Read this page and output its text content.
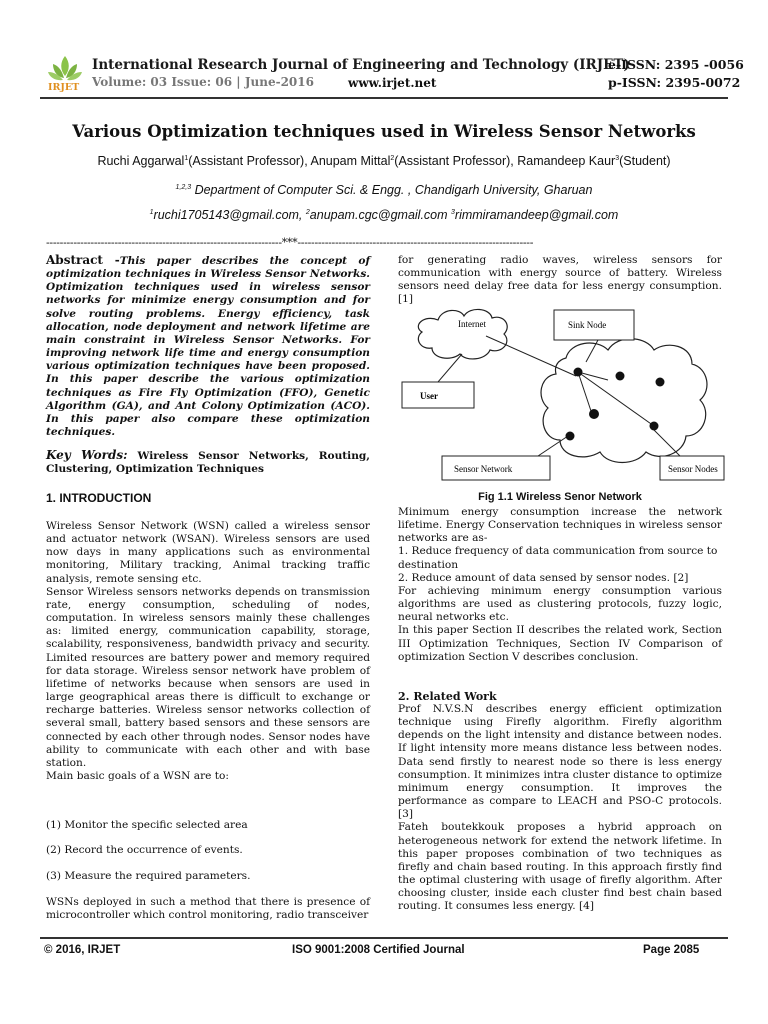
IRJET
International Research Journal of Engineering and Technology (IRJET)
Volume: 03 Issue: 06 | June-2016	www.irjet.net
e-ISSN: 2395 -0056
p-ISSN: 2395-0072
Various Optimization techniques used in Wireless Sensor Networks
Ruchi Aggarwal$^1$(Assistant Professor), Anupam Mittal$^2$(Assistant Professor), Ramandeep Kaur$^3$(Student)
$^{1,2,3}$ Department of Computer Sci. & Engg. , Chandigarh University, Gharuan
$^1$ruchi1705143@gmail.com, $^2$anupam.cgc@gmail.com $^3$rimmiramandeep@gmail.com
---------------------------------------------------------------------***---------------------------------------------------------------------

Abstract -This paper describes the concept of optimization techniques in Wireless Sensor Networks. Optimization techniques used in wireless sensor networks for minimize energy consumption and for solve routing problems. Energy efficiency, task allocation, node deployment and network lifetime are main constraint in Wireless Sensor Networks. For improving network life time and energy consumption various optimization techniques have been proposed. In this paper describe the various optimization techniques as Fire Fly Optimization (FFO), Genetic Algorithm (GA), and Ant Colony Optimization (ACO). In this paper also compare these optimization techniques.

Key Words: Wireless Sensor Networks, Routing, Clustering, Optimization Techniques

1. INTRODUCTION

Wireless Sensor Network (WSN) called a wireless sensor and actuator network (WSAN). Wireless sensors are used now days in many applications such as environmental monitoring, Military tracking, Animal tracking traffic analysis, remote sensing etc.

Sensor Wireless sensors networks depends on transmission rate, energy consumption, scheduling of nodes, computation. In wireless sensors mainly these challenges as: limited energy, communication capability, storage, scalability, responsiveness, bandwidth privacy and security. Limited resources are battery power and memory required for data storage. Wireless sensor network have problem of lifetime of networks because when sensors are used in large geographical areas there is difficult to exchange or recharge batteries. Wireless sensor networks collection of several small, battery based sensors and these sensors are connected by each other through nodes. Sensor nodes have ability to communicate with each other and with base station.

Main basic goals of a WSN are to:

(1) Monitor the specific selected area
(2) Record the occurrence of events.
(3) Measure the required parameters.
WSNs deployed in such a method that there is presence of microcontroller which control monitoring, radio transceiver
for generating radio waves, wireless sensors for communication with energy source of battery. Wireless sensors need delay free data for less energy consumption. [1]
Internet	Sink Node
User
Sensor Network	Sensor Nodes
Fig 1.1 Wireless Senor Network

Minimum energy consumption increase the network lifetime. Energy Conservation techniques in wireless sensor networks are as-

1. Reduce frequency of data communication from source to destination

2. Reduce amount of data sensed by sensor nodes. [2]

For achieving minimum energy consumption various algorithms are used as clustering protocols, fuzzy logic, neural networks etc.

In this paper Section II describes the related work, Section III Optimization Techniques, Section IV Comparison of optimization Section V describes conclusion.

2. Related Work

Prof N.V.S.N describes energy efficient optimization technique using Firefly algorithm. Firefly algorithm depends on the light intensity and distance between nodes. If light intensity more means distance less between nodes. Data send firstly to nearest node so there is less energy consumption. It minimizes intra cluster distance to optimize minimum energy consumption. It improves the performance as compare to LEACH and PSO-C protocols. [3]

Fateh boutekkouk proposes a hybrid approach on heterogeneous network for extend the network lifetime. In this paper proposes combination of two techniques as firefly and chain based routing. In this approach firstly find the optimal clustering with usage of firefly algorithm. After choosing cluster, inside each cluster find best chain based routing. It consumes less energy. [4]

© 2016, IRJET	ISO 9001:2008 Certified Journal	Page 2085
